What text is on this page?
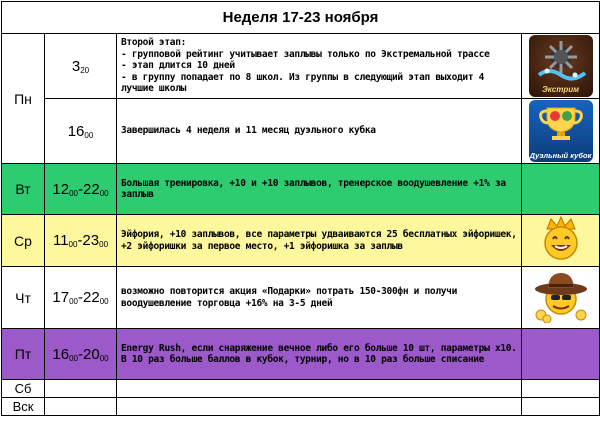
Неделя 17-23 ноября			
Пн	$3_{20}$	Второй этап:
- групповой рейтинг учитывает заплывы только по Экстремальной трассе
- этап длится 10 дней
- в группу попадает по 8 школ. Из группы в следующий этап выходит 4 лучшие школы	Экстрим

	$16_{00}$	Завершилась 4 неделя и 11 месяц дуэльного кубка	Дуэльный кубок

Вт	$12_{00}-22_{00}$	Большая тренировка, +10 и +10 заплывов, тренерское воодушевление +1% за заплыв	
Ср	$11_{00}-23_{00}$	Эйфория, +10 заплывов, все параметры удваиваются 25 бесплатных эйфоришек, +2 эйфоришки за первое место, +1 эйфоришка за заплыв	
Чт	$17_{00}-22_{00}$	возможно повторится акция «Подарки» потрать 150-300фн и получи воодушевление торговца +16% на 3-5 дней	
Пт	$16_{00}-20_{00}$	Energy Rush, если снаряжение вечное либо его больше 10 шт, параметры х10. В 10 раз больше баллов в кубок, турнир, но в 10 раз больше списание	
Сб			
Вск			
